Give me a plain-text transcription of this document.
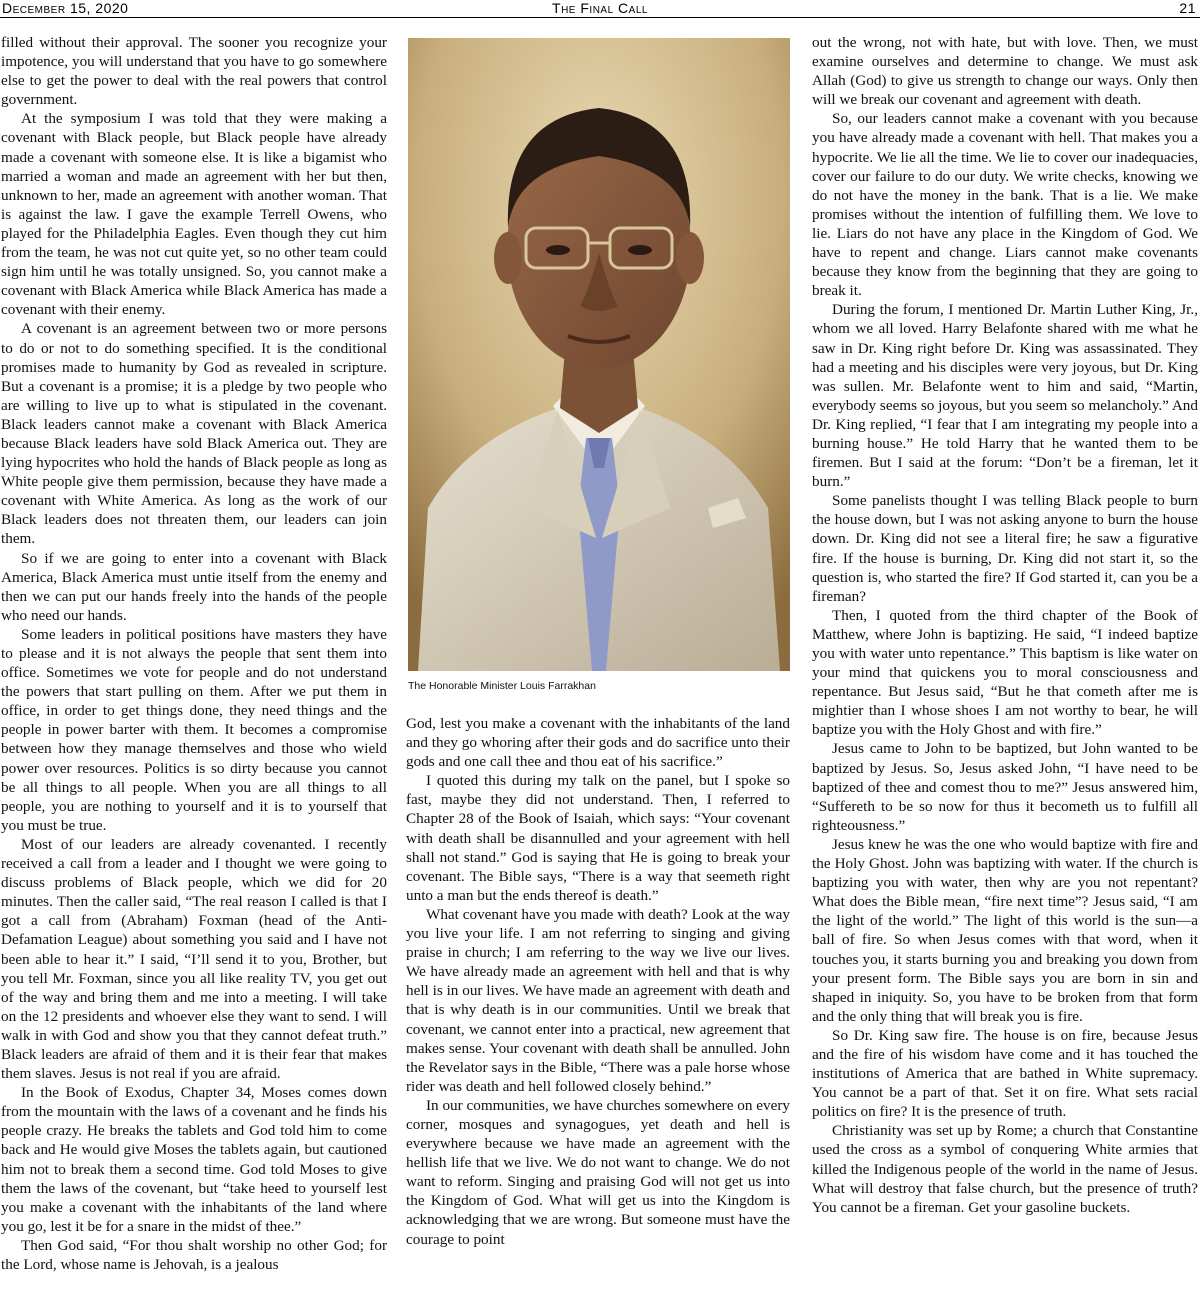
December 15, 2020	The Final Call	21

filled without their approval. The sooner you recognize your impotence, you will understand that you have to go somewhere else to get the power to deal with the real powers that control government.

At the symposium I was told that they were making a covenant with Black people, but Black people have already made a covenant with someone else. It is like a bigamist who married a woman and made an agreement with her but then, unknown to her, made an agreement with another woman. That is against the law. I gave the example Terrell Owens, who played for the Philadelphia Eagles. Even though they cut him from the team, he was not cut quite yet, so no other team could sign him until he was totally unsigned. So, you cannot make a covenant with Black America while Black America has made a covenant with their enemy.

A covenant is an agreement between two or more persons to do or not to do something specified. It is the conditional promises made to humanity by God as revealed in scripture. But a covenant is a promise; it is a pledge by two people who are willing to live up to what is stipulated in the covenant. Black leaders cannot make a covenant with Black America because Black leaders have sold Black America out. They are lying hypocrites who hold the hands of Black people as long as White people give them permission, because they have made a covenant with White America. As long as the work of our Black leaders does not threaten them, our leaders can join them.

So if we are going to enter into a covenant with Black America, Black America must untie itself from the enemy and then we can put our hands freely into the hands of the people who need our hands.

Some leaders in political positions have masters they have to please and it is not always the people that sent them into office. Sometimes we vote for people and do not understand the powers that start pulling on them. After we put them in office, in order to get things done, they need things and the people in power barter with them. It becomes a compromise between how they manage themselves and those who wield power over resources. Politics is so dirty because you cannot be all things to all people. When you are all things to all people, you are nothing to yourself and it is to yourself that you must be true.

Most of our leaders are already covenanted. I recently received a call from a leader and I thought we were going to discuss problems of Black people, which we did for 20 minutes. Then the caller said, “The real reason I called is that I got a call from (Abraham) Foxman (head of the Anti-Defamation League) about something you said and I have not been able to hear it.” I said, “I’ll send it to you, Brother, but you tell Mr. Foxman, since you all like reality TV, you get out of the way and bring them and me into a meeting. I will take on the 12 presidents and whoever else they want to send. I will walk in with God and show you that they cannot defeat truth.” Black leaders are afraid of them and it is their fear that makes them slaves. Jesus is not real if you are afraid.

In the Book of Exodus, Chapter 34, Moses comes down from the mountain with the laws of a covenant and he finds his people crazy. He breaks the tablets and God told him to come back and He would give Moses the tablets again, but cautioned him not to break them a second time. God told Moses to give them the laws of the covenant, but “take heed to yourself lest you make a covenant with the inhabitants of the land where you go, lest it be for a snare in the midst of thee.”

Then God said, “For thou shalt worship no other God; for the Lord, whose name is Jehovah, is a jealous

The Honorable Minister Louis Farrakhan

God, lest you make a covenant with the inhabitants of the land and they go whoring after their gods and do sacrifice unto their gods and one call thee and thou eat of his sacrifice.”

I quoted this during my talk on the panel, but I spoke so fast, maybe they did not understand. Then, I referred to Chapter 28 of the Book of Isaiah, which says: “Your covenant with death shall be disannulled and your agreement with hell shall not stand.” God is saying that He is going to break your covenant. The Bible says, “There is a way that seemeth right unto a man but the ends thereof is death.”

What covenant have you made with death? Look at the way you live your life. I am not referring to singing and giving praise in church; I am referring to the way we live our lives. We have already made an agreement with hell and that is why hell is in our lives. We have made an agreement with death and that is why death is in our communities. Until we break that covenant, we cannot enter into a practical, new agreement that makes sense. Your covenant with death shall be annulled. John the Revelator says in the Bible, “There was a pale horse whose rider was death and hell followed closely behind.”

In our communities, we have churches somewhere on every corner, mosques and synagogues, yet death and hell is everywhere because we have made an agreement with the hellish life that we live. We do not want to change. We do not want to reform. Singing and praising God will not get us into the Kingdom of God. What will get us into the Kingdom is acknowledging that we are wrong. But someone must have the courage to point

out the wrong, not with hate, but with love. Then, we must examine ourselves and determine to change. We must ask Allah (God) to give us strength to change our ways. Only then will we break our covenant and agreement with death.

So, our leaders cannot make a covenant with you because you have already made a covenant with hell. That makes you a hypocrite. We lie all the time. We lie to cover our inadequacies, cover our failure to do our duty. We write checks, knowing we do not have the money in the bank. That is a lie. We make promises without the intention of fulfilling them. We love to lie. Liars do not have any place in the Kingdom of God. We have to repent and change. Liars cannot make covenants because they know from the beginning that they are going to break it.

During the forum, I mentioned Dr. Martin Luther King, Jr., whom we all loved. Harry Belafonte shared with me what he saw in Dr. King right before Dr. King was assassinated. They had a meeting and his disciples were very joyous, but Dr. King was sullen. Mr. Belafonte went to him and said, “Martin, everybody seems so joyous, but you seem so melancholy.” And Dr. King replied, “I fear that I am integrating my people into a burning house.” He told Harry that he wanted them to be firemen. But I said at the forum: “Don’t be a fireman, let it burn.”

Some panelists thought I was telling Black people to burn the house down, but I was not asking anyone to burn the house down. Dr. King did not see a literal fire; he saw a figurative fire. If the house is burning, Dr. King did not start it, so the question is, who started the fire? If God started it, can you be a fireman?

Then, I quoted from the third chapter of the Book of Matthew, where John is baptizing. He said, “I indeed baptize you with water unto repentance.” This baptism is like water on your mind that quickens you to moral consciousness and repentance. But Jesus said, “But he that cometh after me is mightier than I whose shoes I am not worthy to bear, he will baptize you with the Holy Ghost and with fire.”

Jesus came to John to be baptized, but John wanted to be baptized by Jesus. So, Jesus asked John, “I have need to be baptized of thee and comest thou to me?” Jesus answered him, “Suffereth to be so now for thus it becometh us to fulfill all righteousness.”

Jesus knew he was the one who would baptize with fire and the Holy Ghost. John was baptizing with water. If the church is baptizing you with water, then why are you not repentant? What does the Bible mean, “fire next time”? Jesus said, “I am the light of the world.” The light of this world is the sun—a ball of fire. So when Jesus comes with that word, when it touches you, it starts burning you and breaking you down from your present form. The Bible says you are born in sin and shaped in iniquity. So, you have to be broken from that form and the only thing that will break you is fire.

So Dr. King saw fire. The house is on fire, because Jesus and the fire of his wisdom have come and it has touched the institutions of America that are bathed in White supremacy. You cannot be a part of that. Set it on fire. What sets racial politics on fire? It is the presence of truth.

Christianity was set up by Rome; a church that Constantine used the cross as a symbol of conquering White armies that killed the Indigenous people of the world in the name of Jesus. What will destroy that false church, but the presence of truth? You cannot be a fireman. Get your gasoline buckets.
